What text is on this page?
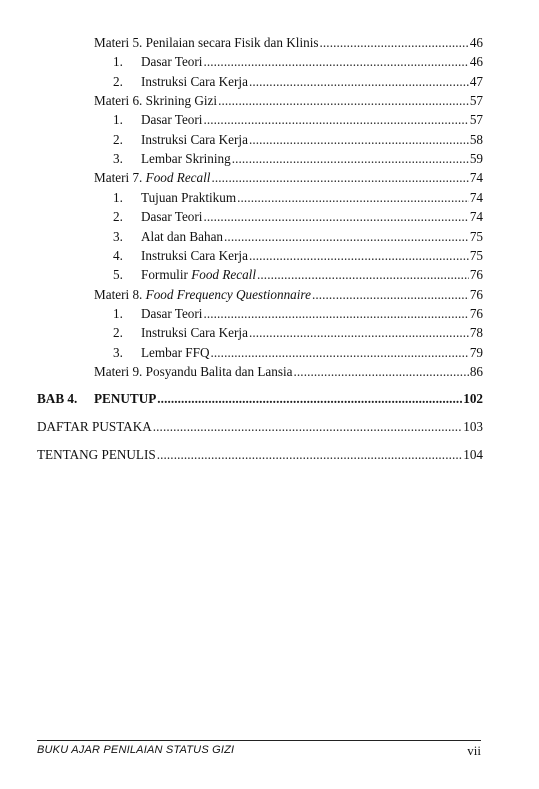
Materi 5. Penilaian secara Fisik dan Klinis . . .	46
1.	Dasar Teori . . .	46
2.	Instruksi Cara Kerja . . .	47
Materi 6. Skrining Gizi . . .	57
1.	Dasar Teori . . .	57
2.	Instruksi Cara Kerja . . .	58
3.	Lembar Skrining . . .	59
Materi 7. Food Recall . . .	74
1.	Tujuan Praktikum . . .	74
2.	Dasar Teori . . .	74
3.	Alat dan Bahan . . .	75
4.	Instruksi Cara Kerja . . .	75
5.	Formulir Food Recall . . .	76
Materi 8. Food Frequency Questionnaire . . .	76
1.	Dasar Teori . . .	76
2.	Instruksi Cara Kerja . . .	78
3.	Lembar FFQ . . .	79
Materi 9. Posyandu Balita dan Lansia . . .	86
BAB 4.	PENUTUP . . .	102
DAFTAR PUSTAKA . . .	103
TENTANG PENULIS . . .	104
BUKU AJAR PENILAIAN STATUS GIZI	vii
